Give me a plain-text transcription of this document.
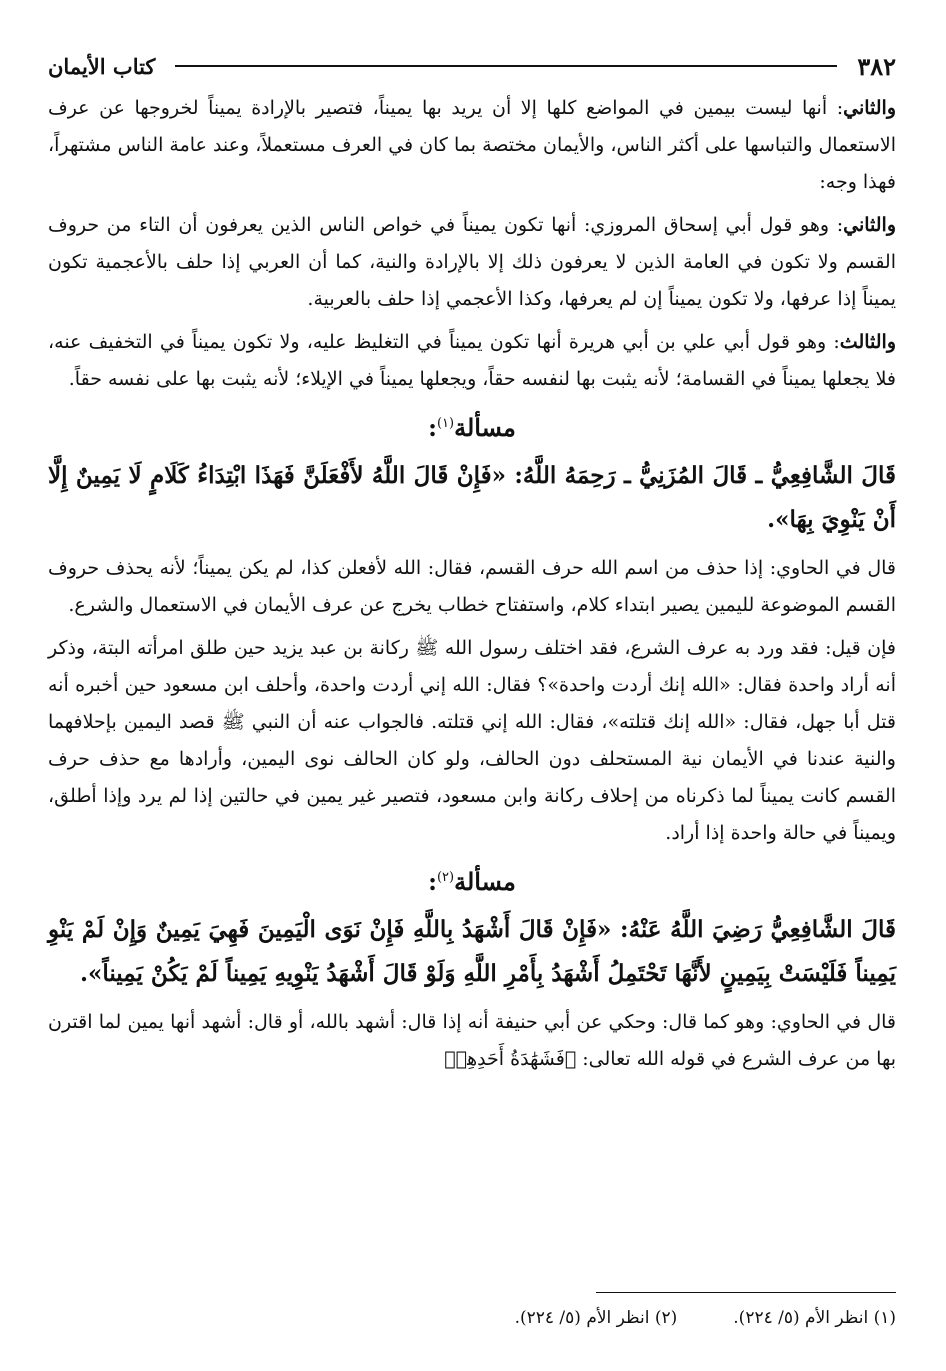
٣٨٢
كتاب الأيمان

والثاني: أنها ليست بيمين في المواضع كلها إلا أن يريد بها يميناً، فتصير بالإرادة يميناً لخروجها عن عرف الاستعمال والتباسها على أكثر الناس، والأيمان مختصة بما كان في العرف مستعملاً، وعند عامة الناس مشتهراً، فهذا وجه:

والثاني: وهو قول أبي إسحاق المروزي: أنها تكون يميناً في خواص الناس الذين يعرفون أن التاء من حروف القسم ولا تكون في العامة الذين لا يعرفون ذلك إلا بالإرادة والنية، كما أن العربي إذا حلف بالأعجمية تكون يميناً إذا عرفها، ولا تكون يميناً إن لم يعرفها، وكذا الأعجمي إذا حلف بالعربية.

والثالث: وهو قول أبي علي بن أبي هريرة أنها تكون يميناً في التغليظ عليه، ولا تكون يميناً في التخفيف عنه، فلا يجعلها يميناً في القسامة؛ لأنه يثبت بها لنفسه حقاً، ويجعلها يميناً في الإيلاء؛ لأنه يثبت بها على نفسه حقاً.

مسألة$^{(١)}$:

قَالَ الشَّافِعِيُّ ـ قَالَ المُزَنِيُّ ـ رَحِمَهُ اللَّهُ: «فَإِنْ قَالَ اللَّهُ لأَفْعَلَنَّ فَهَذَا ابْتِدَاءُ كَلَامٍ لَا يَمِينٌ إِلَّا أَنْ يَنْوِيَ بِهَا».

قال في الحاوي: إذا حذف من اسم الله حرف القسم، فقال: الله لأفعلن كذا، لم يكن يميناً؛ لأنه يحذف حروف القسم الموضوعة لليمين يصير ابتداء كلام، واستفتاح خطاب يخرج عن عرف الأيمان في الاستعمال والشرع.

فإن قيل: فقد ورد به عرف الشرع، فقد اختلف رسول الله ﷺ ركانة بن عبد يزيد حين طلق امرأته البتة، وذكر أنه أراد واحدة فقال: «الله إنك أردت واحدة»؟ فقال: الله إني أردت واحدة، وأحلف ابن مسعود حين أخبره أنه قتل أبا جهل، فقال: «الله إنك قتلته»، فقال: الله إني قتلته. فالجواب عنه أن النبي ﷺ قصد اليمين بإحلافهما والنية عندنا في الأيمان نية المستحلف دون الحالف، ولو كان الحالف نوى اليمين، وأرادها مع حذف حرف القسم كانت يميناً لما ذكرناه من إحلاف ركانة وابن مسعود، فتصير غير يمين في حالتين إذا لم يرد وإذا أطلق، ويميناً في حالة واحدة إذا أراد.

مسألة$^{(٢)}$:

قَالَ الشَّافِعِيُّ رَضِيَ اللَّهُ عَنْهُ: «فَإِنْ قَالَ أَشْهَدُ بِاللَّهِ فَإِنْ نَوَى الْيَمِينَ فَهِيَ يَمِينٌ وَإِنْ لَمْ يَنْوِ يَمِيناً فَلَيْسَتْ بِيَمِينٍ لأَنَّهَا تَحْتَمِلُ أَشْهَدُ بِأَمْرِ اللَّهِ وَلَوْ قَالَ أَشْهَدُ يَنْوِيهِ يَمِيناً لَمْ يَكُنْ يَمِيناً».

قال في الحاوي: وهو كما قال: وحكي عن أبي حنيفة أنه إذا قال: أشهد بالله، أو قال: أشهد أنها يمين لما اقترن بها من عرف الشرع في قوله الله تعالى: ﴿فَشَهَٰدَةُ أَحَدِهِمۡ

(١) انظر الأم (٥/ ٢٢٤).
(٢) انظر الأم (٥/ ٢٢٤).
